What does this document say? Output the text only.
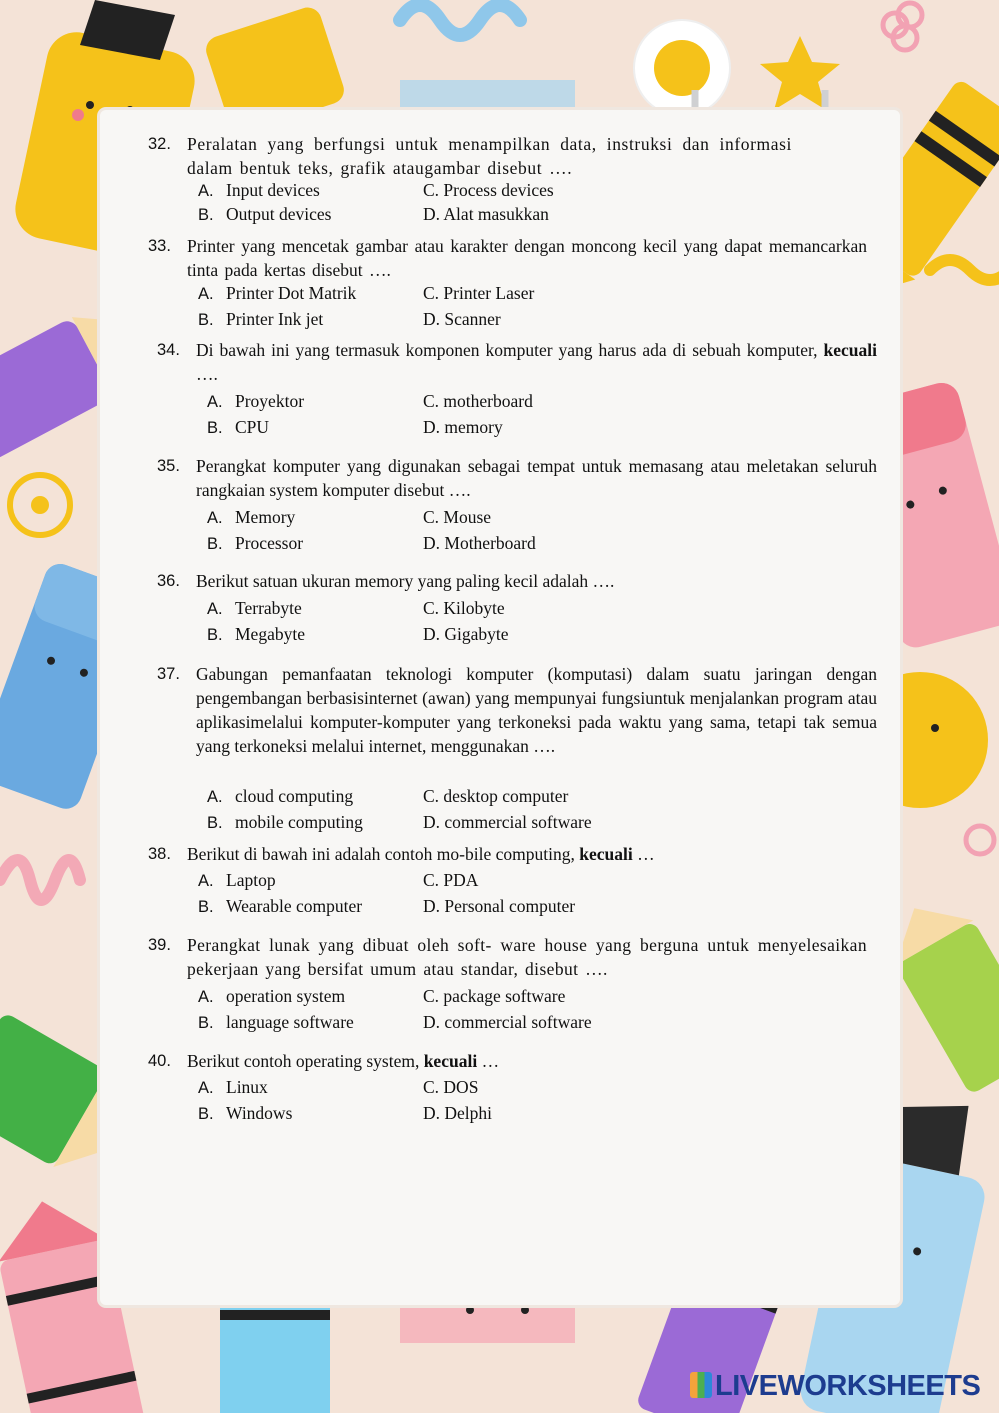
32. Peralatan yang berfungsi untuk menampilkan data, instruksi dan informasi dalam bentuk teks, grafik ataugambar disebut ….
A. Input devices
B. Output devices
C. Process devices
D. Alat masukkan
33. Printer yang mencetak gambar atau karakter dengan moncong kecil yang dapat memancarkan tinta pada kertas disebut ….
A. Printer Dot Matrik
B. Printer Ink jet
C. Printer Laser
D. Scanner
34. Di bawah ini yang termasuk komponen komputer yang harus ada di sebuah komputer, kecuali ….
A. Proyektor
B. CPU
C. motherboard
D. memory
35. Perangkat komputer yang digunakan sebagai tempat untuk memasang atau meletakan seluruh rangkaian system komputer disebut ….
A. Memory
B. Processor
C. Mouse
D. Motherboard
36. Berikut satuan ukuran memory yang paling kecil adalah ….
A. Terrabyte
B. Megabyte
C. Kilobyte
D. Gigabyte
37. Gabungan pemanfaatan teknologi komputer (komputasi) dalam suatu jaringan dengan pengembangan berbasisinternet (awan) yang mempunyai fungsiuntuk menjalankan program atau aplikasimelalui komputer-komputer yang terkoneksi pada waktu yang sama, tetapi tak semua yang terkoneksi melalui internet, menggunakan ….
A. cloud computing
B. mobile computing
C. desktop computer
D. commercial software
38. Berikut di bawah ini adalah contoh mo-bile computing, kecuali …
A. Laptop
B. Wearable computer
C. PDA
D. Personal computer
39. Perangkat lunak yang dibuat oleh soft- ware house yang berguna untuk menyelesaikan pekerjaan yang bersifat umum atau standar, disebut ….
A. operation system
B. language software
C. package software
D. commercial software
40. Berikut contoh operating system, kecuali …
A. Linux
B. Windows
C. DOS
D. Delphi
LIVEWORKSHEETS
